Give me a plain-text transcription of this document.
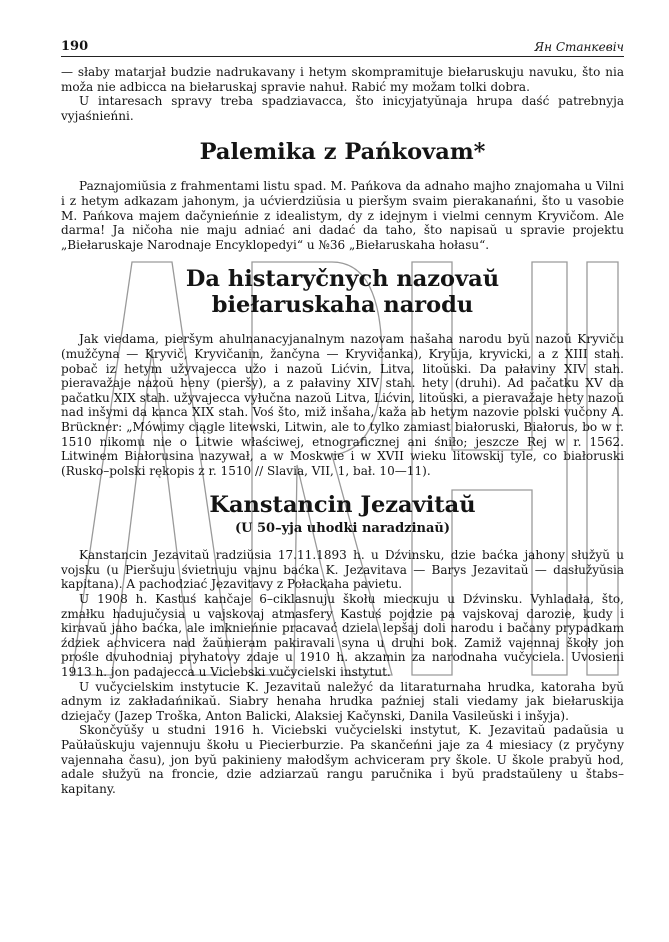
190	Ян Станкевіч

— słaby matarjał budzie nadrukavany i hetym skompramituje biełaruskuju navuku, što nia moža nie adbicca na biełaruskaj spravie nahuł. Rabić my možam tolki dobra.

U intaresach spravy treba spadziavacca, što inicyjatyŭnaja hrupa daść patrebnyja vyjaśnieńni.

Palemika z Pańkovam*

Paznajomiŭsia z frahmentami listu spad. M. Pańkova da adnaho majho znajomaha u Vilni i z hetym adkazam jahonym, ja ućvierdziŭsia u pieršym svaim pierakanańni, što u vasobie M. Pańkova majem dačynieńnie z idealistym, dy z idejnym i vielmi cennym Kryvičom. Ale darma! Ja ničoha nie maju adniać ani dadać da taho, što napisaŭ u spravie projektu „Biełaruskaje Narodnaje Encyklopedyi“ u №36 „Biełaruskaha hołasu“.

Da histaryčnych nazovaŭ
biełaruskaha narodu

Jak viedama, pieršym ahulnanacyjanalnym nazovam našaha narodu byŭ nazoŭ Kryviču (mužčyna — Kryvič, Kryvičanin, žančyna — Kryvičanka), Kryŭja, kryvicki, a z XIII stah. pobač iz hetym užyvajecca užo i nazoŭ Lićvin, Litva, litoŭski. Da pałaviny XIV stah. pieravažaje nazoŭ heny (pieršy), a z pałaviny XIV stah. hety (druhi). Ad pačatku XV da pačatku XIX stah. užyvajecca vyłučna nazoŭ Litva, Lićvin, litoŭski, a pieravažaje hety nazoŭ nad inšymi da kanca XIX stah. Voś što, miž inšaha, kaža ab hetym nazovie polski vučony A. Brückner: „Mówimy ciągle litewski, Litwin, ale to tylko zamiast białoruski, Białorus, bo w r. 1510 nikomu nie o Litwie właściwej, etnograficznej ani śniło; jeszcze Rej w r. 1562. Litwinem Białorusina nazywał, a w Moskwie i w XVII wieku litowskij tyle, co białoruski (Rusko–polski rękopis z r. 1510 // Slavia, VII, 1, bał. 10—11).

Kanstancin Jezavitaŭ
(U 50–yja uhodki naradzinaŭ)

Kanstancin Jezavitaŭ radziŭsia 17.11.1893 h. u Dźvinsku, dzie baćka jahony słužyŭ u vojsku (u Pieršuju śvietnuju vajnu baćka K. Jezavitava — Barys Jezavitaŭ — dasłužyŭsia kapitana). A pachodziać Jezavitavy z Połackaha pavietu.

U 1908 h. Kastuś kančaje 6–ciklasnuju škołu miескuju u Dźvinsku. Vyhladała, što, zmałku hadujučysia u vajskovaj atmasfery Kastuś pojdzie pa vajskovaj darozie, kudy i kiravaŭ jaho baćka, ale imknieńnie pracavać dziela lepšaj doli narodu i bačany prypadkam ździek achvicera nad žaŭnieram pakiravali syna u druhi bok. Zamiž vajennaj škoły jon prośle dvuhodniaj pryhatovy zdaje u 1910 h. akzamin za narodnaha vučyciela. Uvosieni 1913 h. jon padajecca u Viciebski vučycielski instytut.

U vučycielskim instytucie K. Jezavitaŭ naležyć da litaraturnaha hrudka, katoraha byŭ adnym iz zakładańnikaŭ. Siabry henaha hrudka paźniej stali viedamy jak biełaruskija dziejačy (Jazep Troška, Anton Balicki, Alaksiej Kačynski, Danila Vasileŭski i inšyja).

Skončyŭšy u studni 1916 h. Viciebski vučycielski instytut, K. Jezavitaŭ padaŭsia u Paŭłaŭskuju vajennuju škołu u Piecierburzie. Pa skančeńni jaje za 4 miesiacy (z pryčyny vajennaha času), jon byŭ pakinieny małodšym achviceram pry škole. U škole prabyŭ hod, adale słužyŭ na froncie, dzie adziarzaŭ rangu paručnika i byŭ pradstaŭleny u štabs–kapitany.
